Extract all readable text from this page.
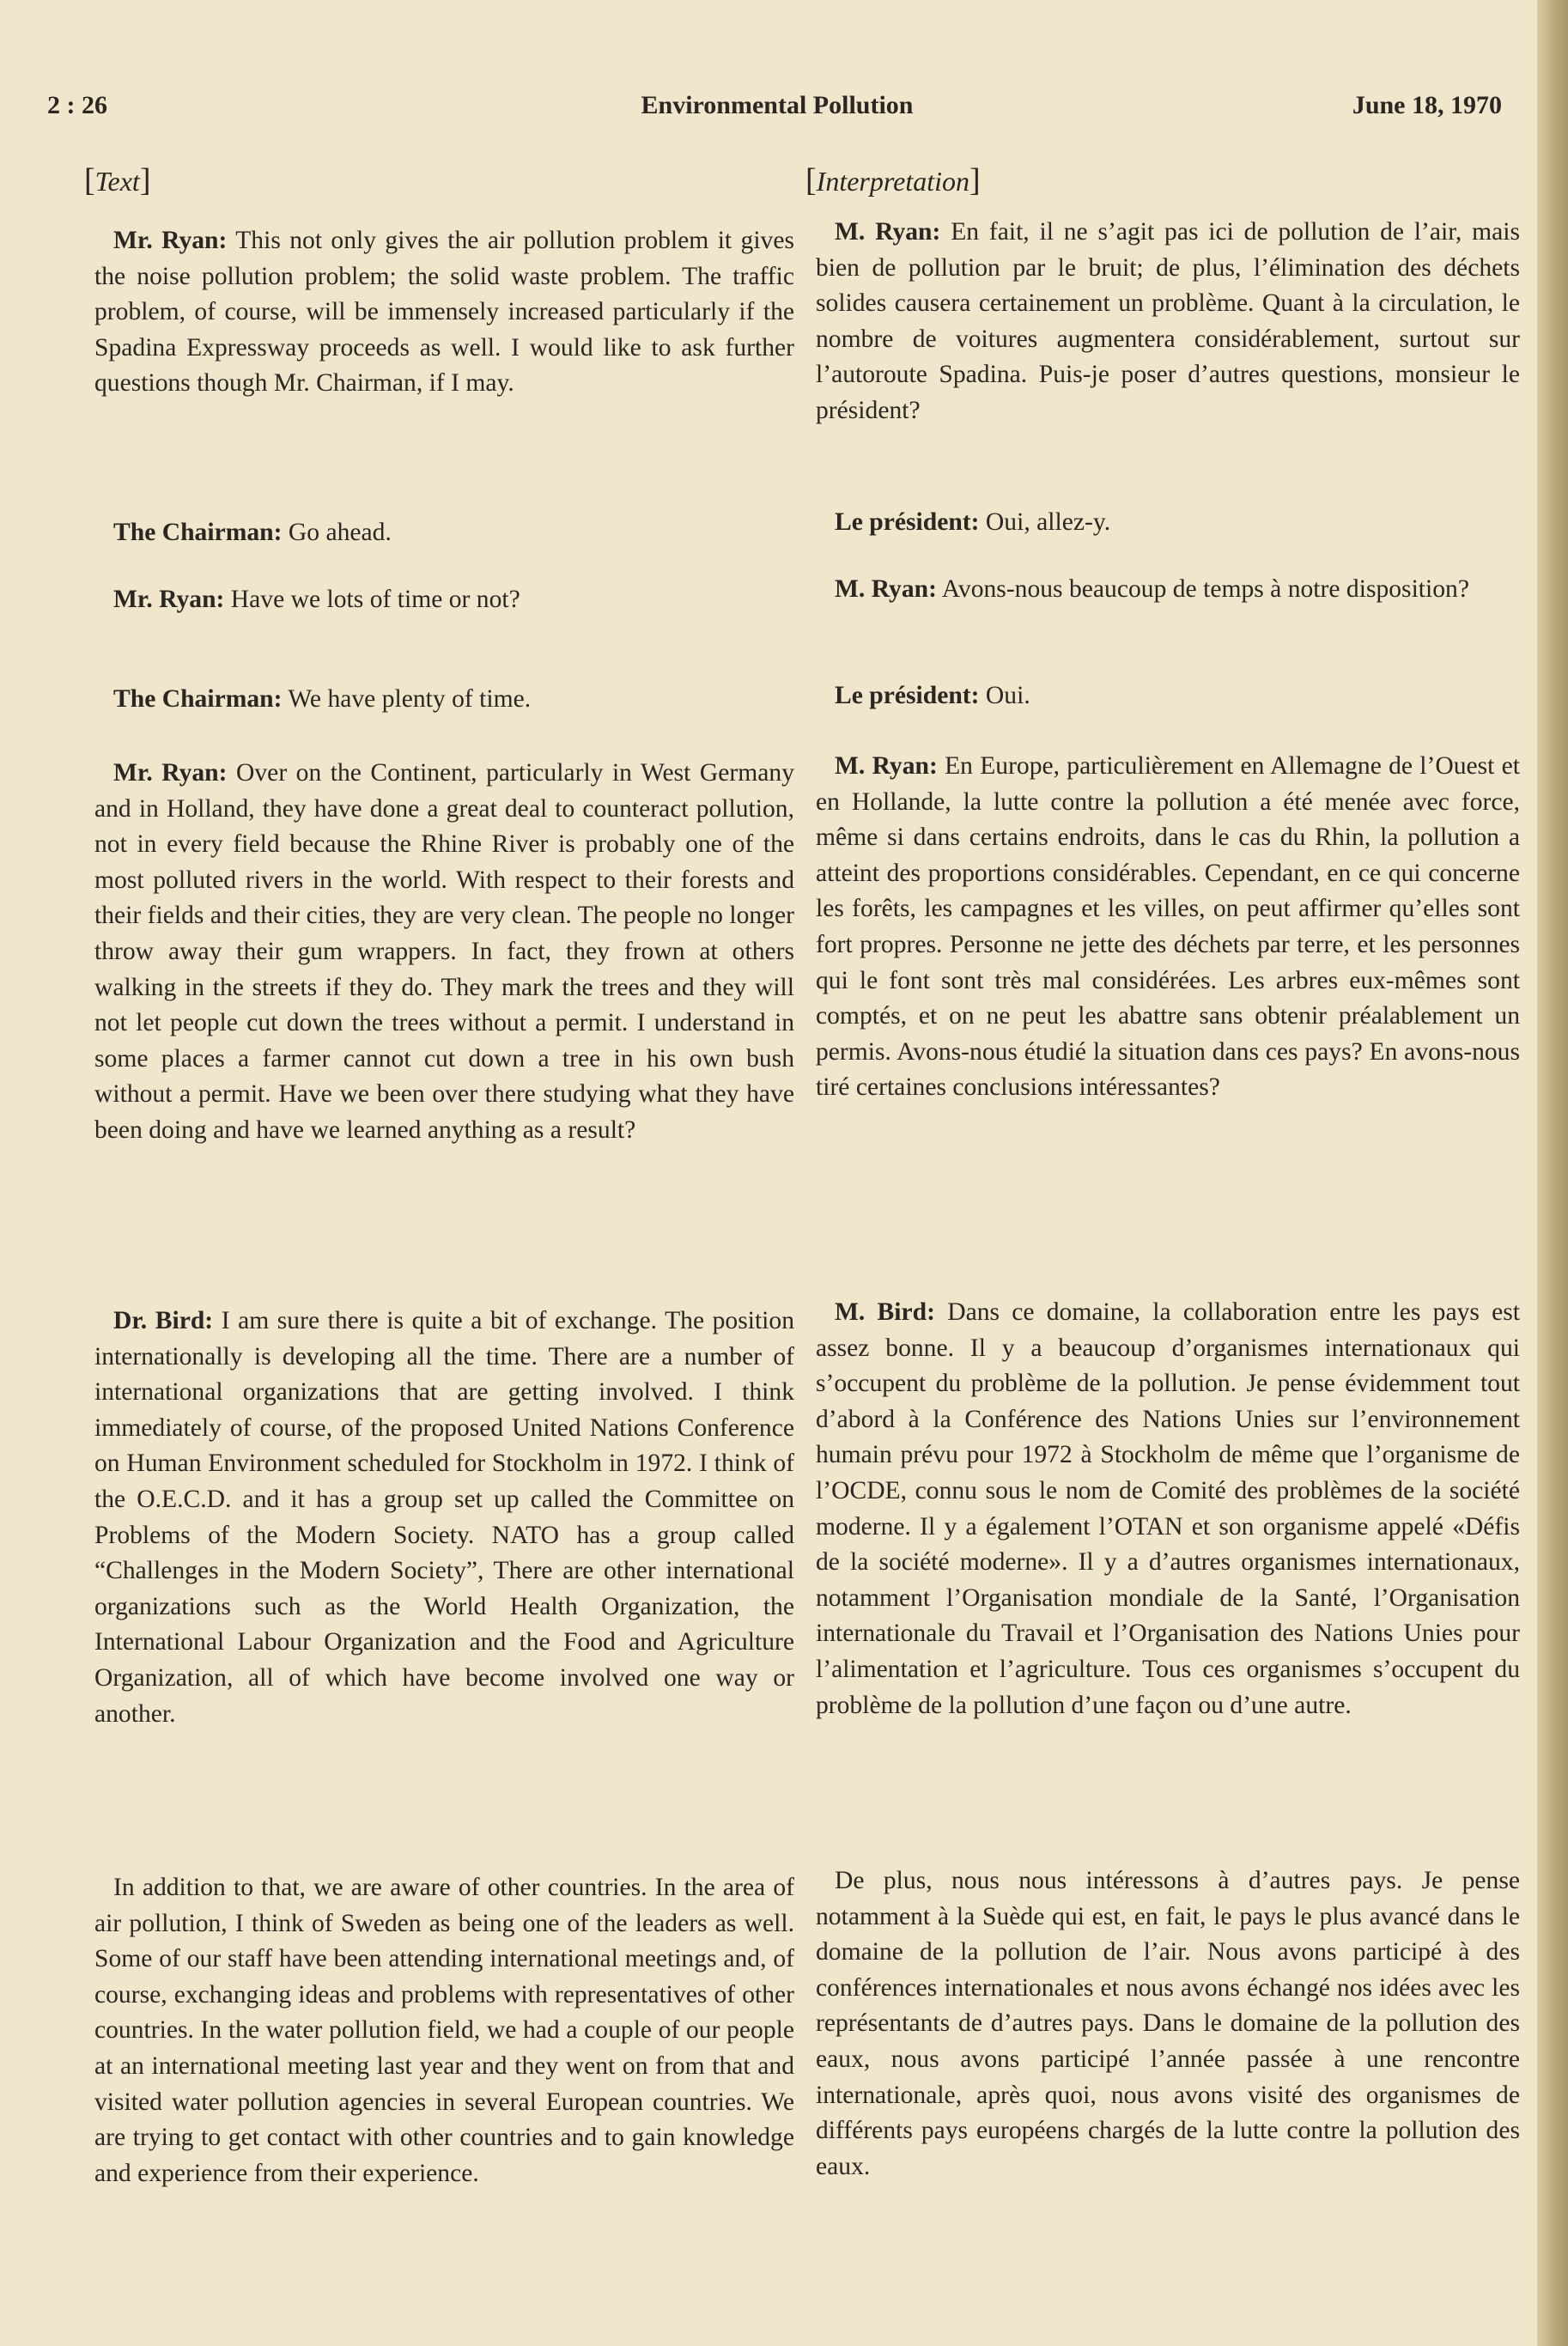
2 : 26	Environmental Pollution	June 18, 1970
[Text]

Mr. Ryan: This not only gives the air pollution problem it gives the noise pollution problem; the solid waste problem. The traffic problem, of course, will be immensely increased particularly if the Spadina Expressway proceeds as well. I would like to ask further questions though Mr. Chairman, if I may.

The Chairman: Go ahead.

Mr. Ryan: Have we lots of time or not?

The Chairman: We have plenty of time.

Mr. Ryan: Over on the Continent, particularly in West Germany and in Holland, they have done a great deal to counteract pollution, not in every field because the Rhine River is probably one of the most polluted rivers in the world. With respect to their forests and their fields and their cities, they are very clean. The people no longer throw away their gum wrappers. In fact, they frown at others walking in the streets if they do. They mark the trees and they will not let people cut down the trees without a permit. I understand in some places a farmer cannot cut down a tree in his own bush without a permit. Have we been over there studying what they have been doing and have we learned anything as a result?

Dr. Bird: I am sure there is quite a bit of exchange. The position internationally is developing all the time. There are a number of international organizations that are getting involved. I think immediately of course, of the proposed United Nations Conference on Human Environment scheduled for Stockholm in 1972. I think of the O.E.C.D. and it has a group set up called the Committee on Problems of the Modern Society. NATO has a group called “Challenges in the Modern Society”, There are other international organizations such as the World Health Organization, the International Labour Organization and the Food and Agriculture Organization, all of which have become involved one way or another.

In addition to that, we are aware of other countries. In the area of air pollution, I think of Sweden as being one of the leaders as well. Some of our staff have been attending international meetings and, of course, exchanging ideas and problems with representatives of other countries. In the water pollution field, we had a couple of our people at an international meeting last year and they went on from that and visited water pollution agencies in several European countries. We are trying to get contact with other countries and to gain knowledge and experience from their experience.

[Interpretation]

M. Ryan: En fait, il ne s’agit pas ici de pollution de l’air, mais bien de pollution par le bruit; de plus, l’élimination des déchets solides causera certainement un problème. Quant à la circulation, le nombre de voitures augmentera considérablement, surtout sur l’autoroute Spadina. Puis-je poser d’autres questions, monsieur le président?

Le président: Oui, allez-y.

M. Ryan: Avons-nous beaucoup de temps à notre disposition?

Le président: Oui.

M. Ryan: En Europe, particulièrement en Allemagne de l’Ouest et en Hollande, la lutte contre la pollution a été menée avec force, même si dans certains endroits, dans le cas du Rhin, la pollution a atteint des proportions considérables. Cependant, en ce qui concerne les forêts, les campagnes et les villes, on peut affirmer qu’elles sont fort propres. Personne ne jette des déchets par terre, et les personnes qui le font sont très mal considérées. Les arbres eux-mêmes sont comptés, et on ne peut les abattre sans obtenir préalablement un permis. Avons-nous étudié la situation dans ces pays? En avons-nous tiré certaines conclusions intéressantes?

M. Bird: Dans ce domaine, la collaboration entre les pays est assez bonne. Il y a beaucoup d’organismes internationaux qui s’occupent du problème de la pollution. Je pense évidemment tout d’abord à la Conférence des Nations Unies sur l’environnement humain prévu pour 1972 à Stockholm de même que l’organisme de l’OCDE, connu sous le nom de Comité des problèmes de la société moderne. Il y a également l’OTAN et son organisme appelé «Défis de la société moderne». Il y a d’autres organismes internationaux, notamment l’Organisation mondiale de la Santé, l’Organisation internationale du Travail et l’Organisation des Nations Unies pour l’alimentation et l’agriculture. Tous ces organismes s’occupent du problème de la pollution d’une façon ou d’une autre.

De plus, nous nous intéressons à d’autres pays. Je pense notamment à la Suède qui est, en fait, le pays le plus avancé dans le domaine de la pollution de l’air. Nous avons participé à des conférences internationales et nous avons échangé nos idées avec les représentants de d’autres pays. Dans le domaine de la pollution des eaux, nous avons participé l’année passée à une rencontre internationale, après quoi, nous avons visité des organismes de différents pays européens chargés de la lutte contre la pollution des eaux.
